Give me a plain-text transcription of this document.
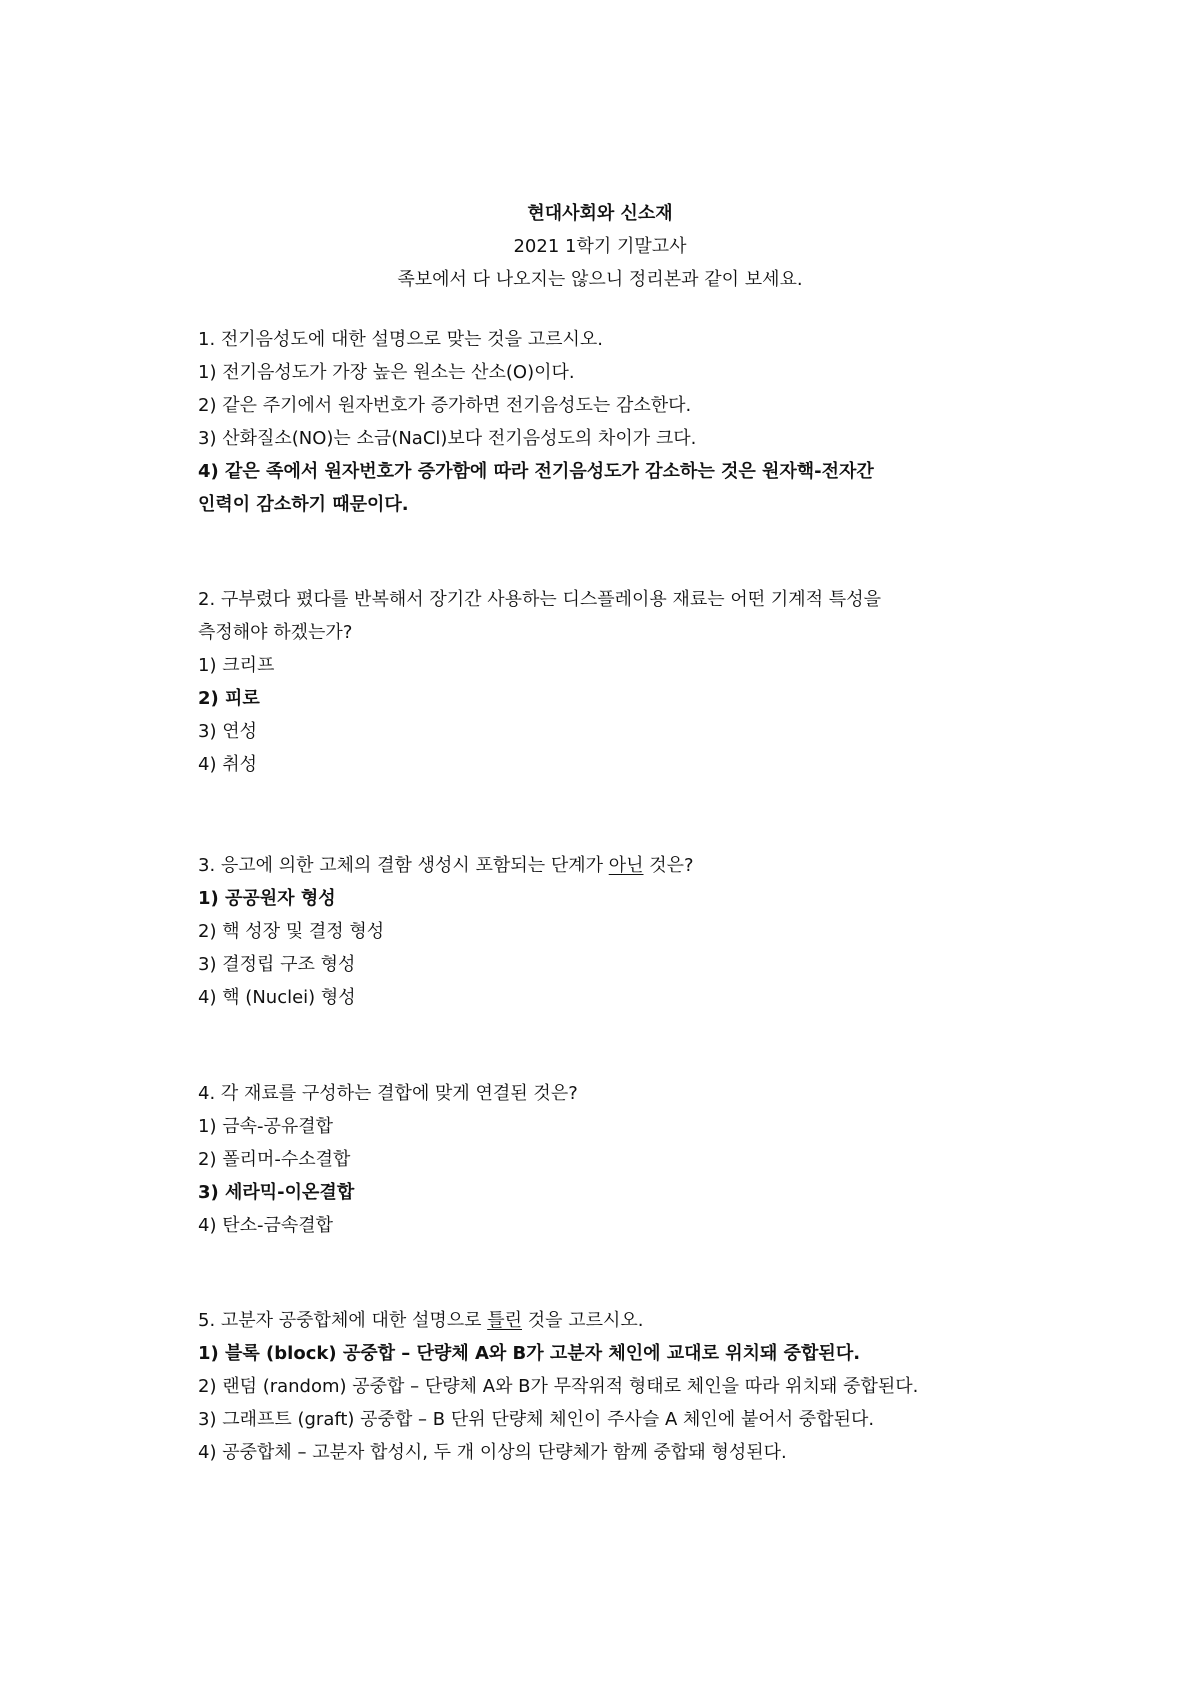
현대사회와 신소재
2021 1학기 기말고사
족보에서 다 나오지는 않으니 정리본과 같이 보세요.
1. 전기음성도에 대한 설명으로 맞는 것을 고르시오.
1) 전기음성도가 가장 높은 원소는 산소(O)이다.
2) 같은 주기에서 원자번호가 증가하면 전기음성도는 감소한다.
3) 산화질소(NO)는 소금(NaCl)보다 전기음성도의 차이가 크다.
4) 같은 족에서 원자번호가 증가함에 따라 전기음성도가 감소하는 것은 원자핵-전자간
인력이 감소하기 때문이다.
2. 구부렸다 폈다를 반복해서 장기간 사용하는 디스플레이용 재료는 어떤 기계적 특성을
측정해야 하겠는가?
1) 크리프
2) 피로
3) 연성
4) 취성
3. 응고에 의한 고체의 결함 생성시 포함되는 단계가 아닌 것은?
1) 공공원자 형성
2) 핵 성장 및 결정 형성
3) 결정립 구조 형성
4) 핵 (Nuclei) 형성
4. 각 재료를 구성하는 결합에 맞게 연결된 것은?
1) 금속-공유결합
2) 폴리머-수소결합
3) 세라믹-이온결합
4) 탄소-금속결합
5. 고분자 공중합체에 대한 설명으로 틀린 것을 고르시오.
1) 블록 (block) 공중합 – 단량체 A와 B가 고분자 체인에 교대로 위치돼 중합된다.
2) 랜덤 (random) 공중합 – 단량체 A와 B가 무작위적 형태로 체인을 따라 위치돼 중합된다.
3) 그래프트 (graft) 공중합 – B 단위 단량체 체인이 주사슬 A 체인에 붙어서 중합된다.
4) 공중합체 – 고분자 합성시, 두 개 이상의 단량체가 함께 중합돼 형성된다.
